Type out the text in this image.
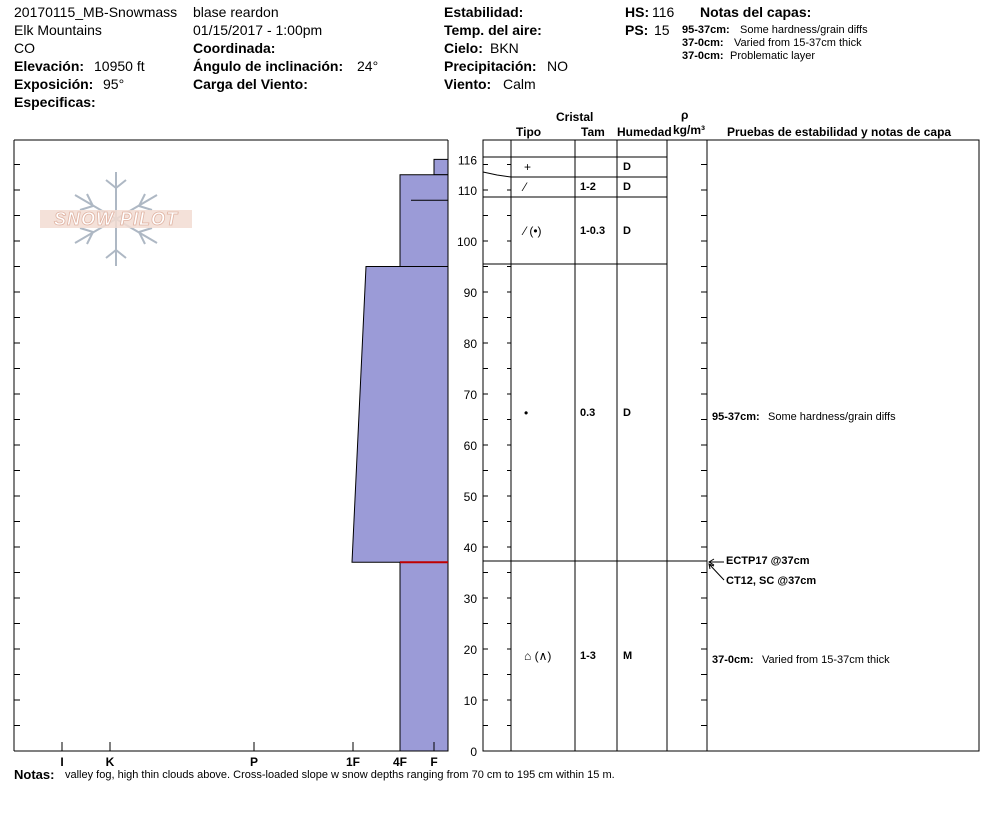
20170115_MB-Snowmass blase reardon
Elk Mountains	01/15/2017 - 1:00pm
CO	Coordinada:
Elevación: 10950 ft	Ángulo de inclinación: 24°
Exposición: 95°	Carga del Viento:
Especificas:
Estabilidad:
Temp. del aire:
Cielo: BKN
Precipitación: NO
Viento: Calm
HS: 116
PS: 15
Notas del capas:
95-37cm: Some hardness/grain diffs
37-0cm: Varied from 15-37cm thick
37-0cm: Problematic layer
Cristal
Tipo	Tam Humedad
ρ
kg/m³ Pruebas de estabilidad y notas de capa
SNOW PILOT
I	K	P	1F	4F F
0
10
20
30
40
50
60
70
80
90
100
110
116	+	D
⁄	1-2 D
⁄ (•)	1-0.3 D
•	0.3	D
⌂ (∧)	1-3 M
95-37cm: Some hardness/grain diffs
37-0cm: Varied from 15-37cm thick
ECTP17 @37cm
CT12, SC @37cm
Notas: valley fog, high thin clouds above. Cross-loaded slope w snow depths ranging from 70 cm to 195 cm within 15 m.
